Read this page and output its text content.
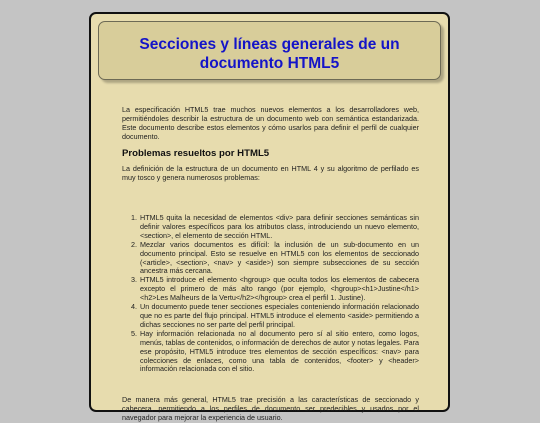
Secciones y líneas generales de un documento HTML5

La especificación HTML5 trae muchos nuevos elementos a los desarrolladores web, permitiéndoles describir la estructura de un documento web con semántica estandarizada. Este documento describe estos elementos y cómo usarlos para definir el perfil de cualquier documento.

Problemas resueltos por HTML5

La definición de la estructura de un documento en HTML 4 y su algoritmo de perfilado es muy tosco y genera numerosos problemas:

1. HTML5 quita la necesidad de elementos <div> para definir secciones semánticas sin definir valores específicos para los atributos class, introduciendo un nuevo elemento, <section>, el elemento de sección HTML.
2. Mezclar varios documentos es difícil: la inclusión de un sub-documento en un documento principal. Esto se resuelve en HTML5 con los elementos de seccionado (<article>, <section>, <nav> y <aside>) son siempre subsecciones de su sección ancestra más cercana.
3. HTML5 introduce el elemento <hgroup> que oculta todos los elementos de cabecera excepto el primero de más alto rango (por ejemplo, <hgroup><h1>Justine</h1><h2>Les Malheurs de la Vertu</h2></hgroup> crea el perfil 1. Justine).
4. Un documento puede tener secciones especiales conteniendo información relacionado que no es parte del flujo principal. HTML5 introduce el elemento <aside> permitiendo a dichas secciones no ser parte del perfil principal.
5. Hay información relacionada no al documento pero sí al sitio entero, como logos, menús, tablas de contenidos, o información de derechos de autor y notas legales. Para ese propósito, HTML5 introduce tres elementos de sección específicos: <nav> para colecciones de enlaces, como una tabla de contenidos, <footer> y <header> información relacionada con el sitio.

De manera más general, HTML5 trae precisión a las características de seccionado y cabecera, permitiendo a los perfiles de documento ser predecibles y usados por el navegador para mejorar la experiencia de usuario.
